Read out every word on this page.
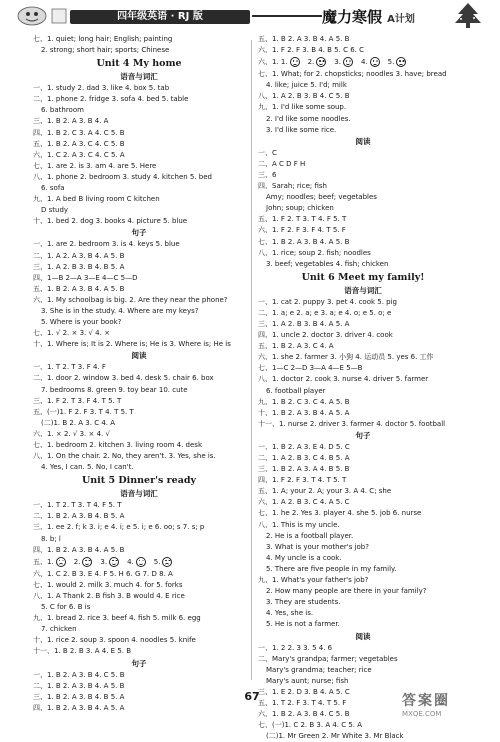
四年级英语 · RJ 版	魔力寒假 A计划
七、1. quiet; long hair; English; painting
2. strong; short hair; sports; Chinese
Unit 4 My home
语音与词汇
一、1. study 2. dad 3. like 4. box 5. tab
二、1. phone 2. fridge 3. sofa 4. bed 5. table
6. bathroom
三、1. B 2. A 3. B 4. A
四、1. B 2. C 3. A 4. C 5. B
五、1. B 2. A 3. C 4. C 5. B
六、1. C 2. A 3. C 4. C 5. A
七、1. are 2. is 3. am 4. are 5. Here
八、1. phone 2. bedroom 3. study 4. kitchen 5. bed
6. sofa
九、1. A bed B living room C kitchen
D study
十、1. bed 2. dog 3. books 4. picture 5. blue
句子
一、1. are 2. bedroom 3. is 4. keys 5. blue
二、1. A 2. A 3. B 4. A 5. B
三、1. A 2. B 3. B 4. B 5. A
四、1—B 2—A 3—E 4—C 5—D
五、1. B 2. A 3. B 4. A 5. B
六、1. My schoolbag is big. 2. Are they near the phone?
3. She is in the study. 4. Where are my keys?
5. Where is your book?
七、1. √ 2. × 3. √ 4. ×
十、1. Where is; It is 2. Where is; He is 3. Where is; He is
阅读
一、1. T 2. T 3. F 4. F
二、1. door 2. window 3. bed 4. desk 5. chair 6. box
7. bedrooms 8. green 9. toy bear 10. cute
三、1. F 2. T 3. F 4. T 5. T
五、(一)1. F 2. F 3. T 4. T 5. T
(二)1. B 2. A 3. C 4. A
六、1. × 2. √ 3. × 4. √
七、1. bedroom 2. kitchen 3. living room 4. desk
八、1. On the chair. 2. No, they aren't. 3. Yes, she is.
4. Yes, I can. 5. No, I can't.
Unit 5 Dinner's ready
语音与词汇
一、1. T 2. T 3. T 4. F 5. T
二、1. B 2. A 3. B 4. B 5. A
三、1. ee 2. f; k 3. i; e 4. i; e 5. i; e 6. oo; s 7. s; p
8. b; l
四、1. B 2. A 3. B 4. A 5. B
五、1.	2.	3.	4.	5.
六、1. C 2. B 3. E 4. F 5. H 6. G 7. D 8. A
七、1. would 2. milk 3. much 4. for 5. forks
八、1. A Thank 2. B fish 3. B would 4. E rice
5. C for 6. B is
九、1. bread 2. rice 3. beef 4. fish 5. milk 6. egg
7. chicken
十、1. rice 2. soup 3. spoon 4. noodles 5. knife
十一、1. B 2. B 3. A 4. E 5. B
句子
一、1. B 2. A 3. B 4. C 5. B
二、1. B 2. A 3. B 4. A 5. B
三、1. B 2. A 3. B 4. B 5. A
四、1. B 2. A 3. B 4. A 5. A
五、1. B 2. A 3. B 4. A 5. B
六、1. F 2. F 3. B 4. B 5. C 6. C
六、1. 1.	2.	3.	4.	5.
七、1. What; for 2. chopsticks; noodles 3. have; bread
4. like; juice 5. I'd; milk
八、1. A 2. B 3. B 4. C 5. B
九、1. I'd like some soup.
2. I'd like some noodles.
3. I'd like some rice.
阅读
一、C
二、A C D F H
三、6
四、Sarah; rice; fish
Amy; noodles; beef; vegetables
John; soup; chicken
五、1. F 2. T 3. T 4. F 5. T
六、1. F 2. F 3. F 4. T 5. F
七、1. B 2. A 3. B 4. A 5. B
八、1. rice; soup 2. fish; noodles
3. beef; vegetables 4. fish; chicken
Unit 6 Meet my family!
语音与词汇
一、1. cat 2. puppy 3. pet 4. cook 5. pig
二、1. a; e 2. a; e 3. a; e 4. o; e 5. o; e
三、1. A 2. B 3. B 4. A 5. A
四、1. uncle 2. doctor 3. driver 4. cook
五、1. B 2. A 3. C 4. A
六、1. she 2. farmer 3. 小狗 4. 运动员 5. yes 6. 工作
七、1—C 2—D 3—A 4—E 5—B
八、1. doctor 2. cook 3. nurse 4. driver 5. farmer
6. football player
九、1. B 2. C 3. C 4. A 5. B
十、1. B 2. A 3. B 4. A 5. A
十一、1. nurse 2. driver 3. farmer 4. doctor 5. football
句子
一、1. B 2. A 3. E 4. D 5. C
二、1. A 2. B 3. C 4. B 5. A
三、1. B 2. A 3. A 4. B 5. B
四、1. F 2. F 3. T 4. T 5. T
五、1. A; your 2. A; your 3. A 4. C; she
六、1. A 2. B 3. C 4. A 5. C
七、1. he 2. Yes 3. player 4. she 5. job 6. nurse
八、1. This is my uncle.
2. He is a football player.
3. What is your mother's job?
4. My uncle is a cook.
5. There are five people in my family.
九、1. What's your father's job?
2. How many people are there in your family?
3. They are students.
4. Yes, she is.
5. He is not a farmer.
阅读
一、1. 2 2. 3 3. 5 4. 6
二、Mary's grandpa; farmer; vegetables
Mary's grandma; teacher; rice
Mary's aunt; nurse; fish
三、1. E 2. D 3. B 4. A 5. C
五、1. T 2. F 3. T 4. T 5. F
六、1. B 2. A 3. B 4. C 5. B
七、(一)1. C 2. B 3. A 4. C 5. A
(二)1. Mr Green 2. Mr White 3. Mr Black
67	答案圈
MXQE.COM
